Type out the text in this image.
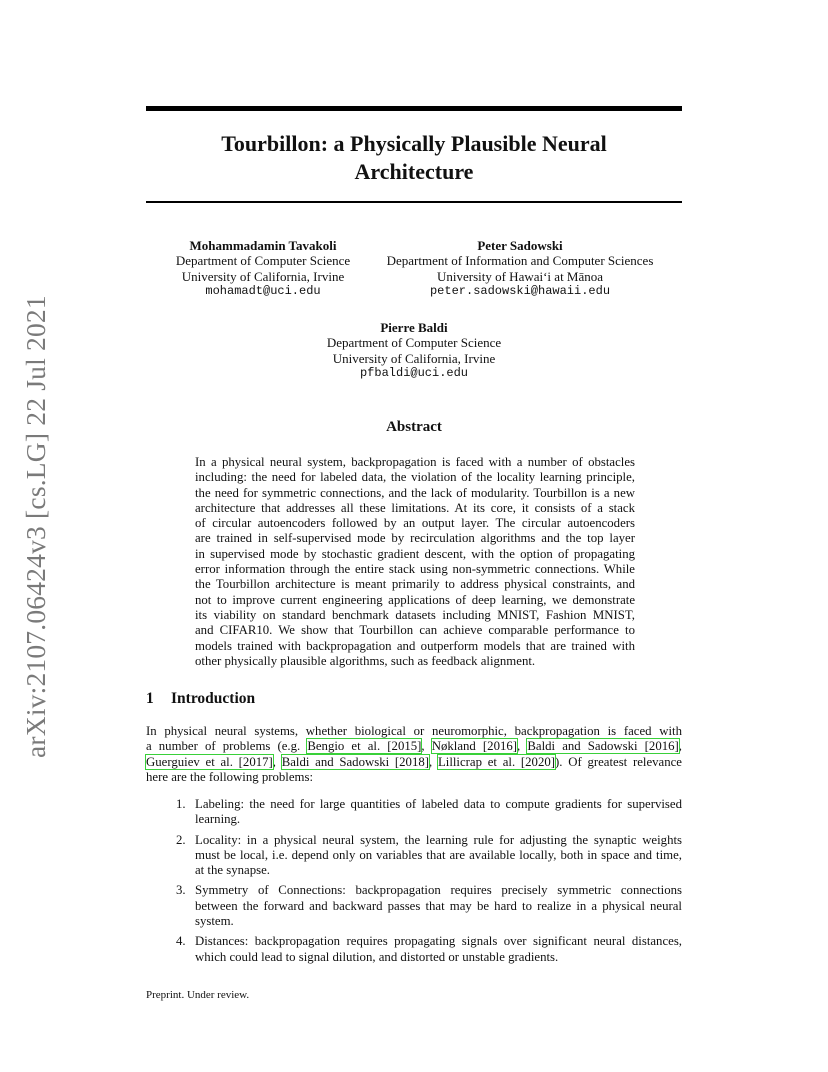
arXiv:2107.06424v3 [cs.LG] 22 Jul 2021
Tourbillon: a Physically Plausible Neural
Architecture
Mohammadamin Tavakoli
Department of Computer Science
University of California, Irvine
mohamadt@uci.edu
Peter Sadowski
Department of Information and Computer Sciences
University of Hawai‘i at Mānoa
peter.sadowski@hawaii.edu
Pierre Baldi
Department of Computer Science
University of California, Irvine
pfbaldi@uci.edu
Abstract

In a physical neural system, backpropagation is faced with a number of obstacles
including: the need for labeled data, the violation of the locality learning principle,
the need for symmetric connections, and the lack of modularity. Tourbillon is a new
architecture that addresses all these limitations. At its core, it consists of a stack
of circular autoencoders followed by an output layer. The circular autoencoders
are trained in self-supervised mode by recirculation algorithms and the top layer
in supervised mode by stochastic gradient descent, with the option of propagating
error information through the entire stack using non-symmetric connections. While
the Tourbillon architecture is meant primarily to address physical constraints, and
not to improve current engineering applications of deep learning, we demonstrate
its viability on standard benchmark datasets including MNIST, Fashion MNIST,
and CIFAR10. We show that Tourbillon can achieve comparable performance to
models trained with backpropagation and outperform models that are trained with
other physically plausible algorithms, such as feedback alignment.

1 Introduction

In physical neural systems, whether biological or neuromorphic, backpropagation is faced with
a number of problems (e.g. Bengio et al. [2015], Nøkland [2016], Baldi and Sadowski [2016],
Guerguiev et al. [2017], Baldi and Sadowski [2018], Lillicrap et al. [2020]). Of greatest relevance
here are the following problems:

1. Labeling: the need for large quantities of labeled data to compute gradients for supervised
learning.
2. Locality: in a physical neural system, the learning rule for adjusting the synaptic weights
must be local, i.e. depend only on variables that are available locally, both in space and time,
at the synapse.
3. Symmetry of Connections: backpropagation requires precisely symmetric connections
between the forward and backward passes that may be hard to realize in a physical neural
system.
4. Distances: backpropagation requires propagating signals over significant neural distances,
which could lead to signal dilution, and distorted or unstable gradients.

Preprint. Under review.
